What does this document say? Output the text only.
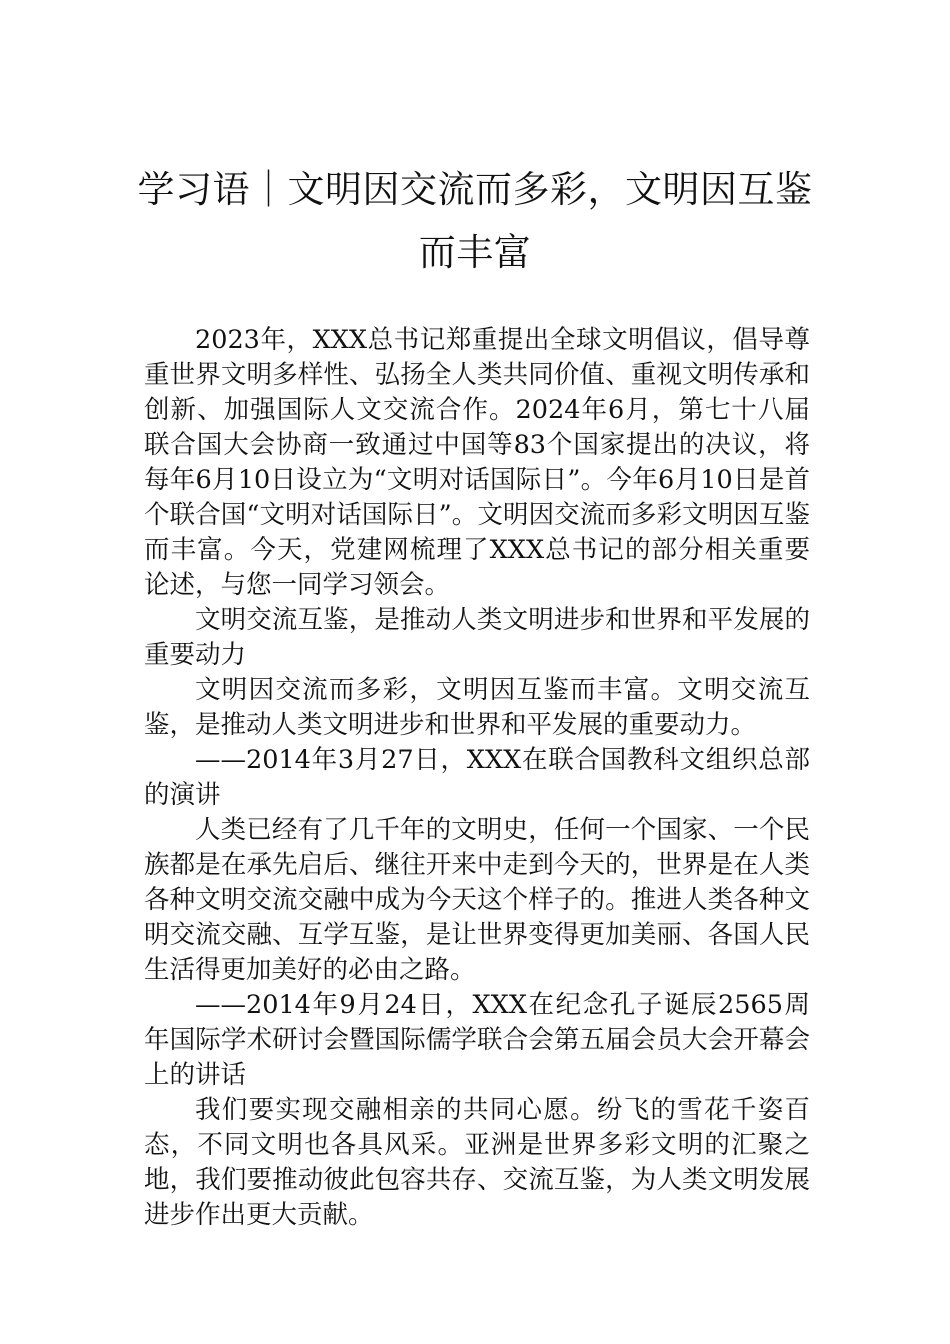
学习语｜文明因交流而多彩，文明因互鉴而丰富

2023年，XXX总书记郑重提出全球文明倡议，倡导尊重世界文明多样性、弘扬全人类共同价值、重视文明传承和创新、加强国际人文交流合作。2024年6月，第七十八届联合国大会协商一致通过中国等83个国家提出的决议，将每年6月10日设立为“文明对话国际日”。今年6月10日是首个联合国“文明对话国际日”。文明因交流而多彩文明因互鉴而丰富。今天，党建网梳理了XXX总书记的部分相关重要论述，与您一同学习领会。

文明交流互鉴，是推动人类文明进步和世界和平发展的重要动力

文明因交流而多彩，文明因互鉴而丰富。文明交流互鉴，是推动人类文明进步和世界和平发展的重要动力。

——2014年3月27日，XXX在联合国教科文组织总部的演讲

人类已经有了几千年的文明史，任何一个国家、一个民族都是在承先启后、继往开来中走到今天的，世界是在人类各种文明交流交融中成为今天这个样子的。推进人类各种文明交流交融、互学互鉴，是让世界变得更加美丽、各国人民生活得更加美好的必由之路。

——2014年9月24日，XXX在纪念孔子诞辰2565周年国际学术研讨会暨国际儒学联合会第五届会员大会开幕会上的讲话

我们要实现交融相亲的共同心愿。纷飞的雪花千姿百态，不同文明也各具风采。亚洲是世界多彩文明的汇聚之地，我们要推动彼此包容共存、交流互鉴，为人类文明发展进步作出更大贡献。
